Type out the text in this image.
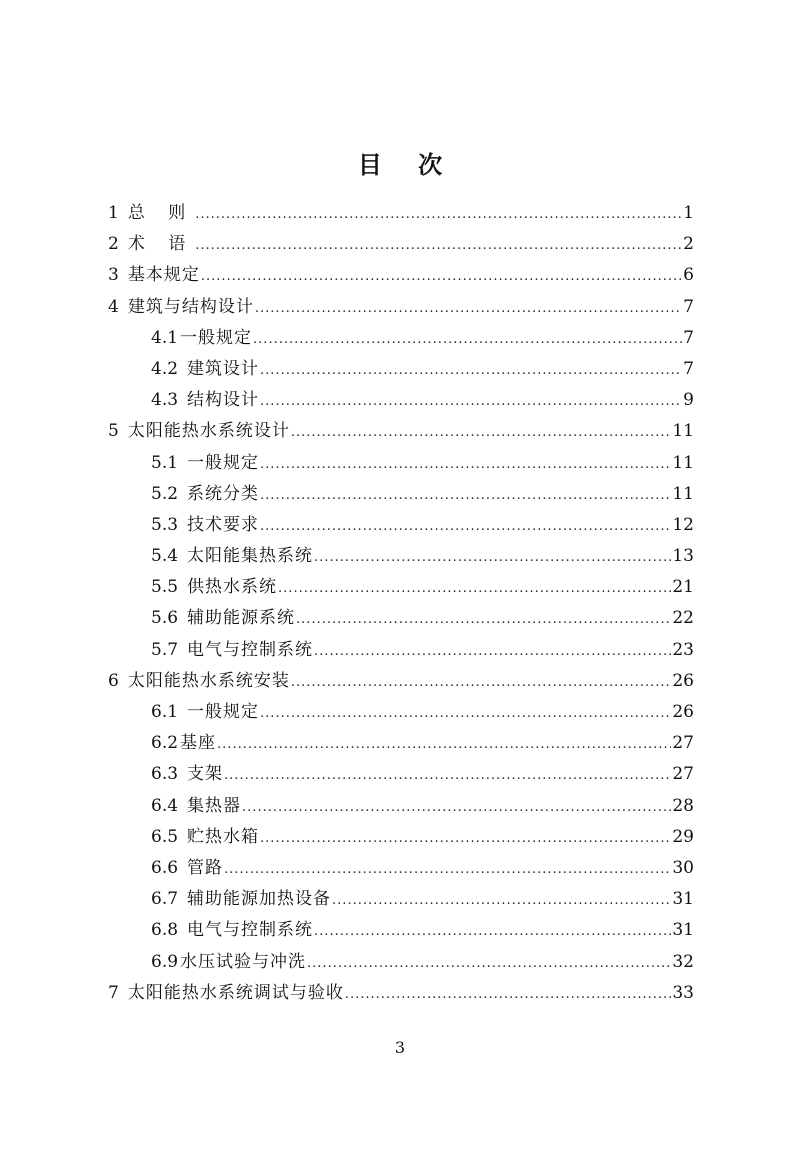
目 次
1 总 则 .....	1
2 术 语 .....	2
3 基本规定 .....	6
4 建筑与结构设计 .....	7
4.1 一般规定 .....	7
4.2 建筑设计 .....	7
4.3 结构设计 .....	9
5 太阳能热水系统设计 .....	11
5.1 一般规定 .....	11
5.2 系统分类 .....	11
5.3 技术要求 .....	12
5.4 太阳能集热系统 .....	13
5.5 供热水系统 .....	21
5.6 辅助能源系统 .....	22
5.7 电气与控制系统 .....	23
6 太阳能热水系统安装 .....	26
6.1 一般规定 .....	26
6.2 基座 .....	27
6.3 支架 .....	27
6.4 集热器 .....	28
6.5 贮热水箱 .....	29
6.6 管路 .....	30
6.7 辅助能源加热设备 .....	31
6.8 电气与控制系统 .....	31
6.9 水压试验与冲洗 .....	32
7 太阳能热水系统调试与验收 .....	33
3
